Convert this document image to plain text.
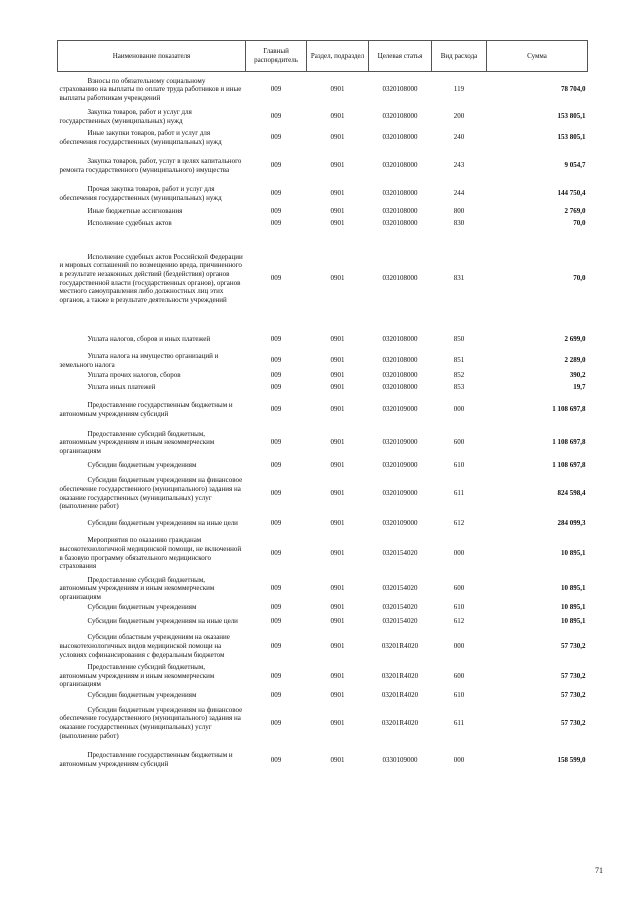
Наименование показателя	Главный распорядитель	Раздел, подраздел	Целевая статья	Вид расхода	Сумма
Взносы по обязательному социальному страхованию на выплаты по оплате труда работников и иные выплаты работникам учреждений	009	0901	0320108000	119	78 704,0
Закупка товаров, работ и услуг для государственных (муниципальных) нужд	009	0901	0320108000	200	153 805,1
Иные закупки товаров, работ и услуг для обеспечения государственных (муниципальных) нужд	009	0901	0320108000	240	153 805,1
Закупка товаров, работ, услуг в целях капитального ремонта государственного (муниципального) имущества	009	0901	0320108000	243	9 054,7
Прочая закупка товаров, работ и услуг для обеспечения государственных (муниципальных) нужд	009	0901	0320108000	244	144 750,4
Иные бюджетные ассигнования	009	0901	0320108000	800	2 769,0
Исполнение судебных актов	009	0901	0320108000	830	70,0
Исполнение судебных актов Российской Федерации и мировых соглашений по возмещению вреда, причиненного в результате незаконных действий (бездействия) органов государственной власти (государственных органов), органов местного самоуправления либо должностных лиц этих органов, а также в результате деятельности учреждений	009	0901	0320108000	831	70,0
Уплата налогов, сборов и иных платежей	009	0901	0320108000	850	2 699,0
Уплата налога на имущество организаций и земельного налога	009	0901	0320108000	851	2 289,0
Уплата прочих налогов, сборов	009	0901	0320108000	852	390,2
Уплата иных платежей	009	0901	0320108000	853	19,7
Предоставление государственным бюджетным и автономным учреждениям субсидий	009	0901	0320109000	000	1 108 697,8
Предоставление субсидий бюджетным, автономным учреждениям и иным некоммерческим организациям	009	0901	0320109000	600	1 108 697,8
Субсидии бюджетным учреждениям	009	0901	0320109000	610	1 108 697,8
Субсидии бюджетным учреждениям на финансовое обеспечение государственного (муниципального) задания на оказание государственных (муниципальных) услуг (выполнение работ)	009	0901	0320109000	611	824 598,4
Субсидии бюджетным учреждениям на иные цели	009	0901	0320109000	612	284 099,3
Мероприятия по оказанию гражданам высокотехнологичной медицинской помощи, не включенной в базовую программу обязательного медицинского страхования	009	0901	0320154020	000	10 895,1
Предоставление субсидий бюджетным, автономным учреждениям и иным некоммерческим организациям	009	0901	0320154020	600	10 895,1
Субсидии бюджетным учреждениям	009	0901	0320154020	610	10 895,1
Субсидии бюджетным учреждениям на иные цели	009	0901	0320154020	612	10 895,1
Субсидии областным учреждениям на оказание высокотехнологичных видов медицинской помощи на условиях софинансирования с федеральным бюджетом	009	0901	03201R4020	000	57 730,2
Предоставление субсидий бюджетным, автономным учреждениям и иным некоммерческим организациям	009	0901	03201R4020	600	57 730,2
Субсидии бюджетным учреждениям	009	0901	03201R4020	610	57 730,2
Субсидии бюджетным учреждениям на финансовое обеспечение государственного (муниципального) задания на оказание государственных (муниципальных) услуг (выполнение работ)	009	0901	03201R4020	611	57 730,2
Предоставление государственным бюджетным и автономным учреждениям субсидий	009	0901	0330109000	000	158 599,0
71
